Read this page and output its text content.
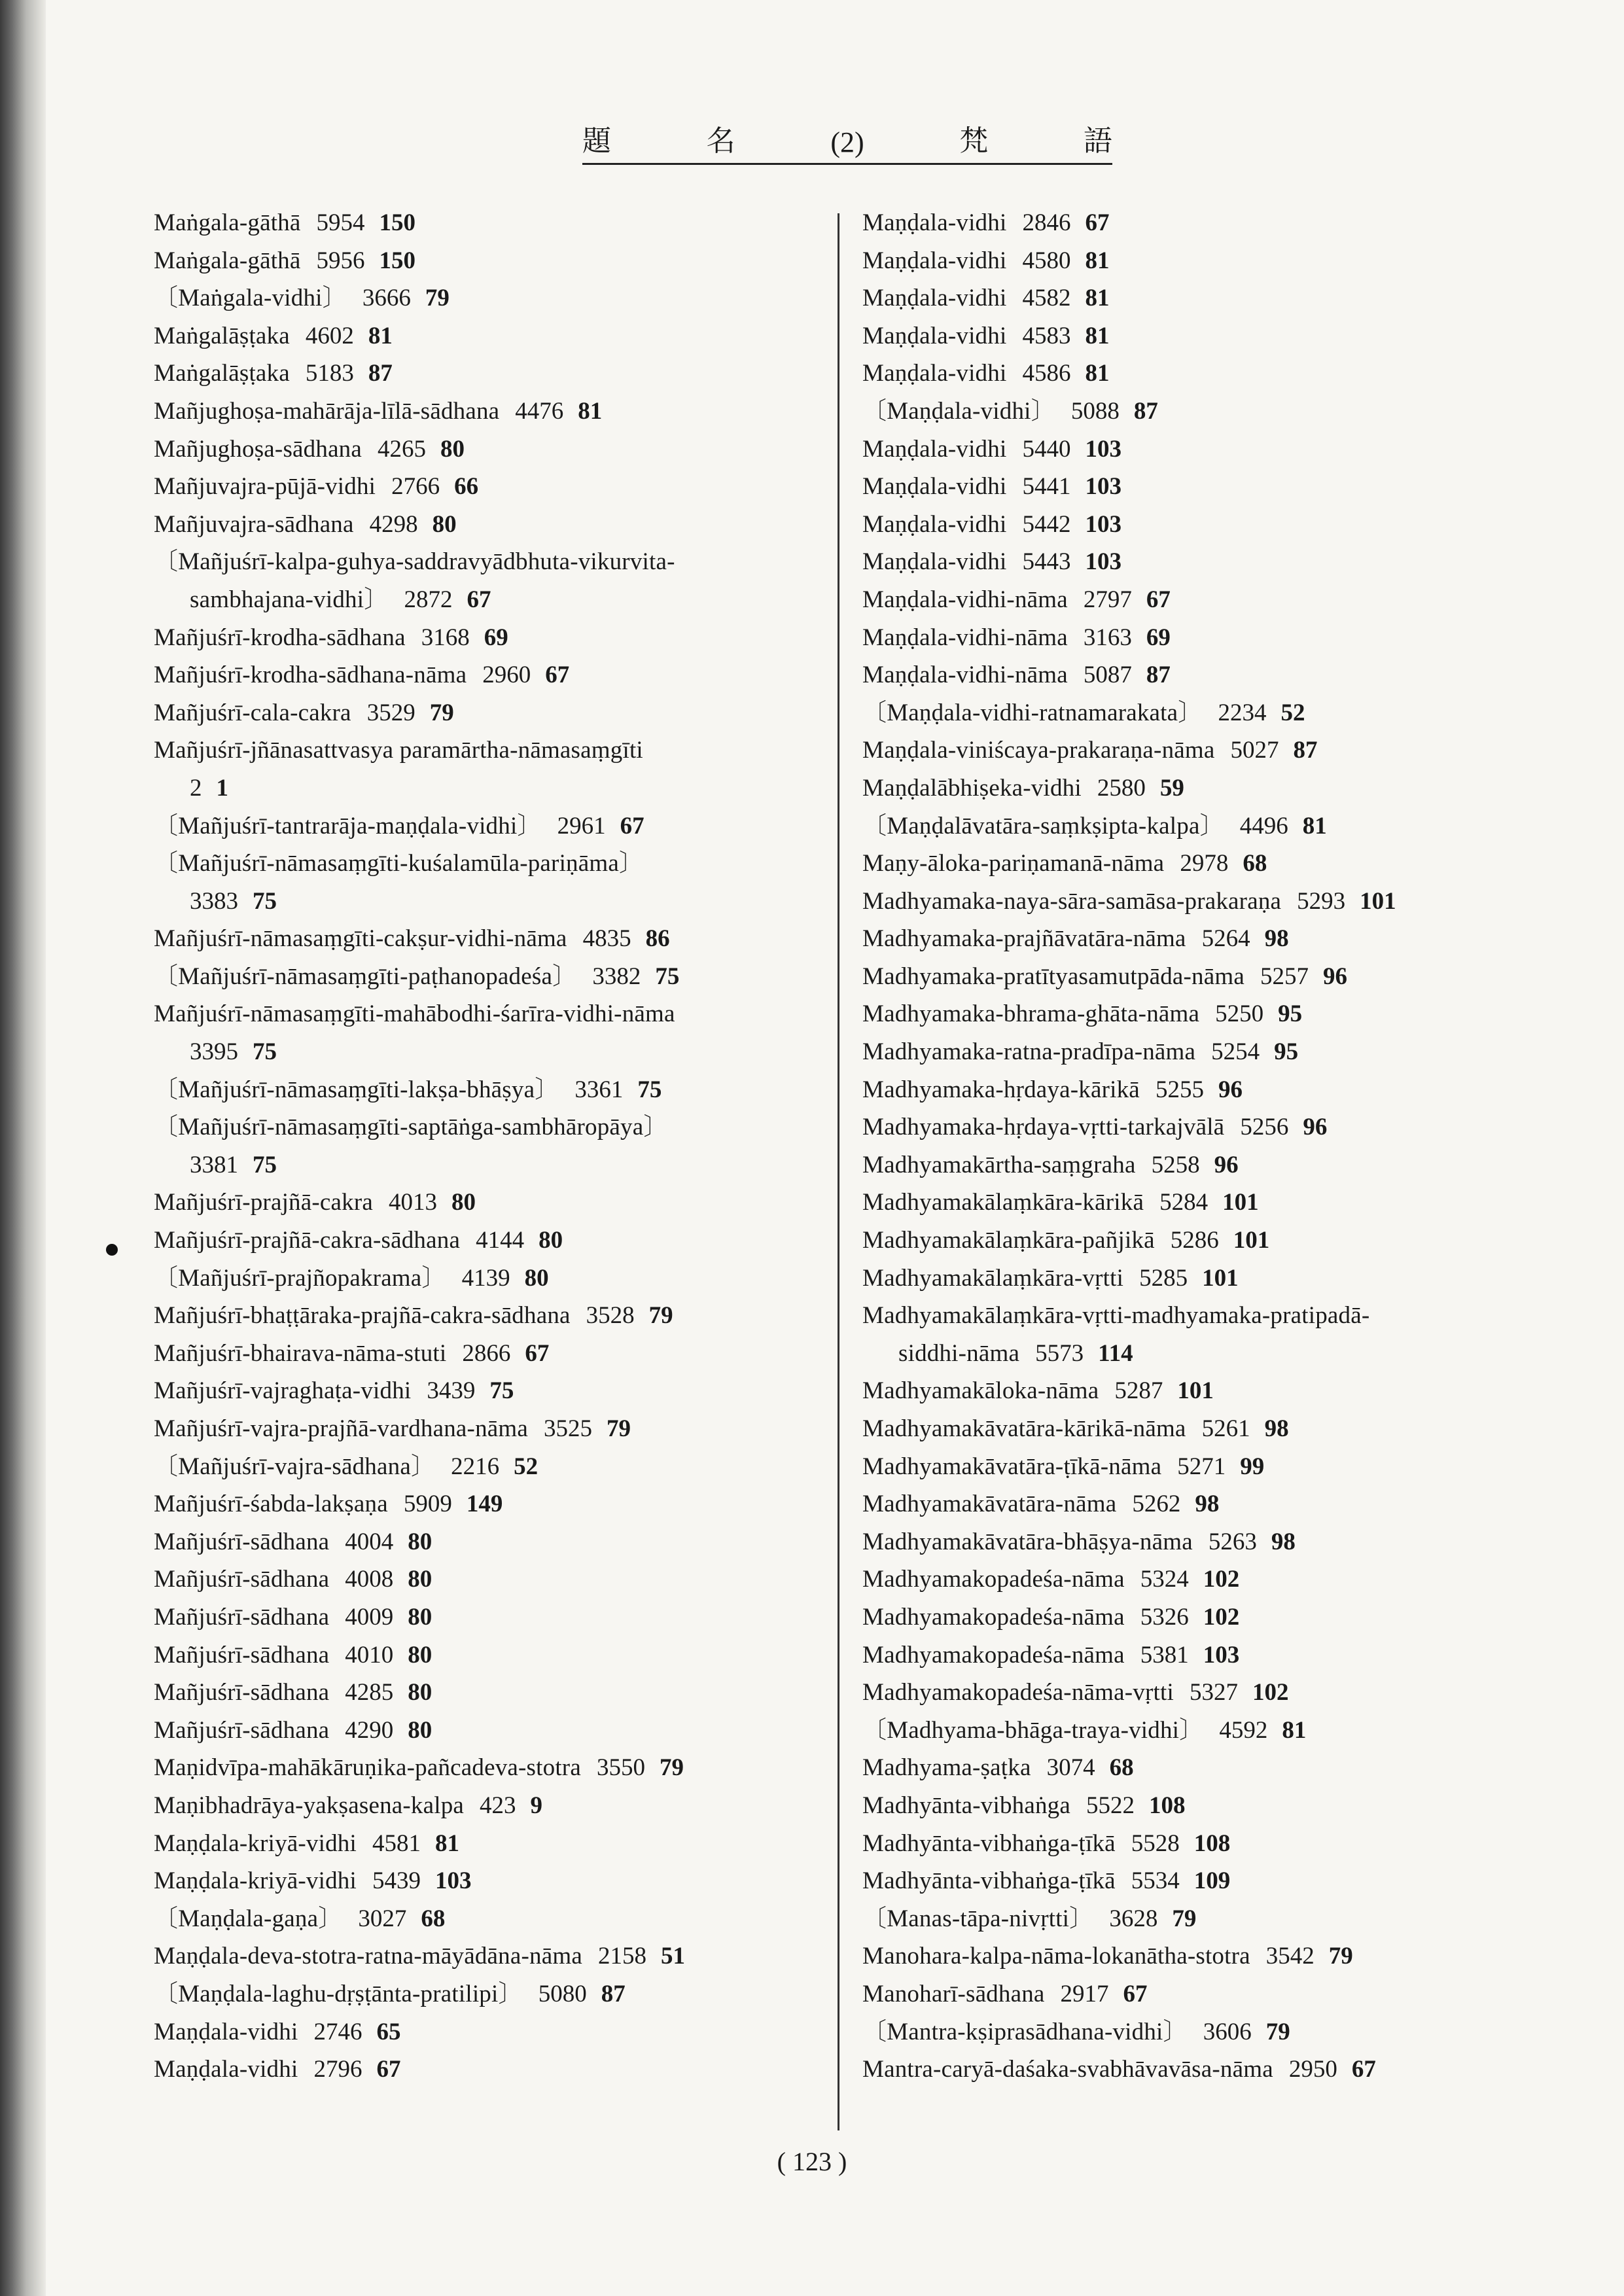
題	名	(2)	梵	語
Maṅgala-gāthā 5954 150
Maṅgala-gāthā 5956 150
〔Maṅgala-vidhi〕 3666 79
Maṅgalāṣṭaka 4602 81
Maṅgalāṣṭaka 5183 87
Mañjughoṣa-mahārāja-līlā-sādhana 4476 81
Mañjughoṣa-sādhana 4265 80
Mañjuvajra-pūjā-vidhi 2766 66
Mañjuvajra-sādhana 4298 80
〔Mañjuśrī-kalpa-guhya-saddravyādbhuta-vikurvita-
sambhajana-vidhi〕 2872 67
Mañjuśrī-krodha-sādhana 3168 69
Mañjuśrī-krodha-sādhana-nāma 2960 67
Mañjuśrī-cala-cakra 3529 79
Mañjuśrī-jñānasattvasya paramārtha-nāmasaṃgīti
2 1
〔Mañjuśrī-tantrarāja-maṇḍala-vidhi〕 2961 67
〔Mañjuśrī-nāmasaṃgīti-kuśalamūla-pariṇāma〕
3383 75
Mañjuśrī-nāmasaṃgīti-cakṣur-vidhi-nāma 4835 86
〔Mañjuśrī-nāmasaṃgīti-paṭhanopadeśa〕 3382 75
Mañjuśrī-nāmasaṃgīti-mahābodhi-śarīra-vidhi-nāma
3395 75
〔Mañjuśrī-nāmasaṃgīti-lakṣa-bhāṣya〕 3361 75
〔Mañjuśrī-nāmasaṃgīti-saptāṅga-sambhāropāya〕
3381 75
Mañjuśrī-prajñā-cakra 4013 80
Mañjuśrī-prajñā-cakra-sādhana 4144 80
〔Mañjuśrī-prajñopakrama〕 4139 80
Mañjuśrī-bhaṭṭāraka-prajñā-cakra-sādhana 3528 79
Mañjuśrī-bhairava-nāma-stuti 2866 67
Mañjuśrī-vajraghaṭa-vidhi 3439 75
Mañjuśrī-vajra-prajñā-vardhana-nāma 3525 79
〔Mañjuśrī-vajra-sādhana〕 2216 52
Mañjuśrī-śabda-lakṣaṇa 5909 149
Mañjuśrī-sādhana 4004 80
Mañjuśrī-sādhana 4008 80
Mañjuśrī-sādhana 4009 80
Mañjuśrī-sādhana 4010 80
Mañjuśrī-sādhana 4285 80
Mañjuśrī-sādhana 4290 80
Maṇidvīpa-mahākāruṇika-pañcadeva-stotra 3550 79
Maṇibhadrāya-yakṣasena-kalpa 423 9
Maṇḍala-kriyā-vidhi 4581 81
Maṇḍala-kriyā-vidhi 5439 103
〔Maṇḍala-gaṇa〕 3027 68
Maṇḍala-deva-stotra-ratna-māyādāna-nāma 2158 51
〔Maṇḍala-laghu-dṛṣṭānta-pratilipi〕 5080 87
Maṇḍala-vidhi 2746 65
Maṇḍala-vidhi 2796 67
Maṇḍala-vidhi 2846 67
Maṇḍala-vidhi 4580 81
Maṇḍala-vidhi 4582 81
Maṇḍala-vidhi 4583 81
Maṇḍala-vidhi 4586 81
〔Maṇḍala-vidhi〕 5088 87
Maṇḍala-vidhi 5440 103
Maṇḍala-vidhi 5441 103
Maṇḍala-vidhi 5442 103
Maṇḍala-vidhi 5443 103
Maṇḍala-vidhi-nāma 2797 67
Maṇḍala-vidhi-nāma 3163 69
Maṇḍala-vidhi-nāma 5087 87
〔Maṇḍala-vidhi-ratnamarakata〕 2234 52
Maṇḍala-viniścaya-prakaraṇa-nāma 5027 87
Maṇḍalābhiṣeka-vidhi 2580 59
〔Maṇḍalāvatāra-saṃkṣipta-kalpa〕 4496 81
Maṇy-āloka-pariṇamanā-nāma 2978 68
Madhyamaka-naya-sāra-samāsa-prakaraṇa 5293 101
Madhyamaka-prajñāvatāra-nāma 5264 98
Madhyamaka-pratītyasamutpāda-nāma 5257 96
Madhyamaka-bhrama-ghāta-nāma 5250 95
Madhyamaka-ratna-pradīpa-nāma 5254 95
Madhyamaka-hṛdaya-kārikā 5255 96
Madhyamaka-hṛdaya-vṛtti-tarkajvālā 5256 96
Madhyamakārtha-saṃgraha 5258 96
Madhyamakālaṃkāra-kārikā 5284 101
Madhyamakālaṃkāra-pañjikā 5286 101
Madhyamakālaṃkāra-vṛtti 5285 101
Madhyamakālaṃkāra-vṛtti-madhyamaka-pratipadā-
siddhi-nāma 5573 114
Madhyamakāloka-nāma 5287 101
Madhyamakāvatāra-kārikā-nāma 5261 98
Madhyamakāvatāra-ṭīkā-nāma 5271 99
Madhyamakāvatāra-nāma 5262 98
Madhyamakāvatāra-bhāṣya-nāma 5263 98
Madhyamakopadeśa-nāma 5324 102
Madhyamakopadeśa-nāma 5326 102
Madhyamakopadeśa-nāma 5381 103
Madhyamakopadeśa-nāma-vṛtti 5327 102
〔Madhyama-bhāga-traya-vidhi〕 4592 81
Madhyama-ṣaṭka 3074 68
Madhyānta-vibhaṅga 5522 108
Madhyānta-vibhaṅga-ṭīkā 5528 108
Madhyānta-vibhaṅga-ṭīkā 5534 109
〔Manas-tāpa-nivṛtti〕 3628 79
Manohara-kalpa-nāma-lokanātha-stotra 3542 79
Manoharī-sādhana 2917 67
〔Mantra-kṣiprasādhana-vidhi〕 3606 79
Mantra-caryā-daśaka-svabhāvavāsa-nāma 2950 67
( 123 )
